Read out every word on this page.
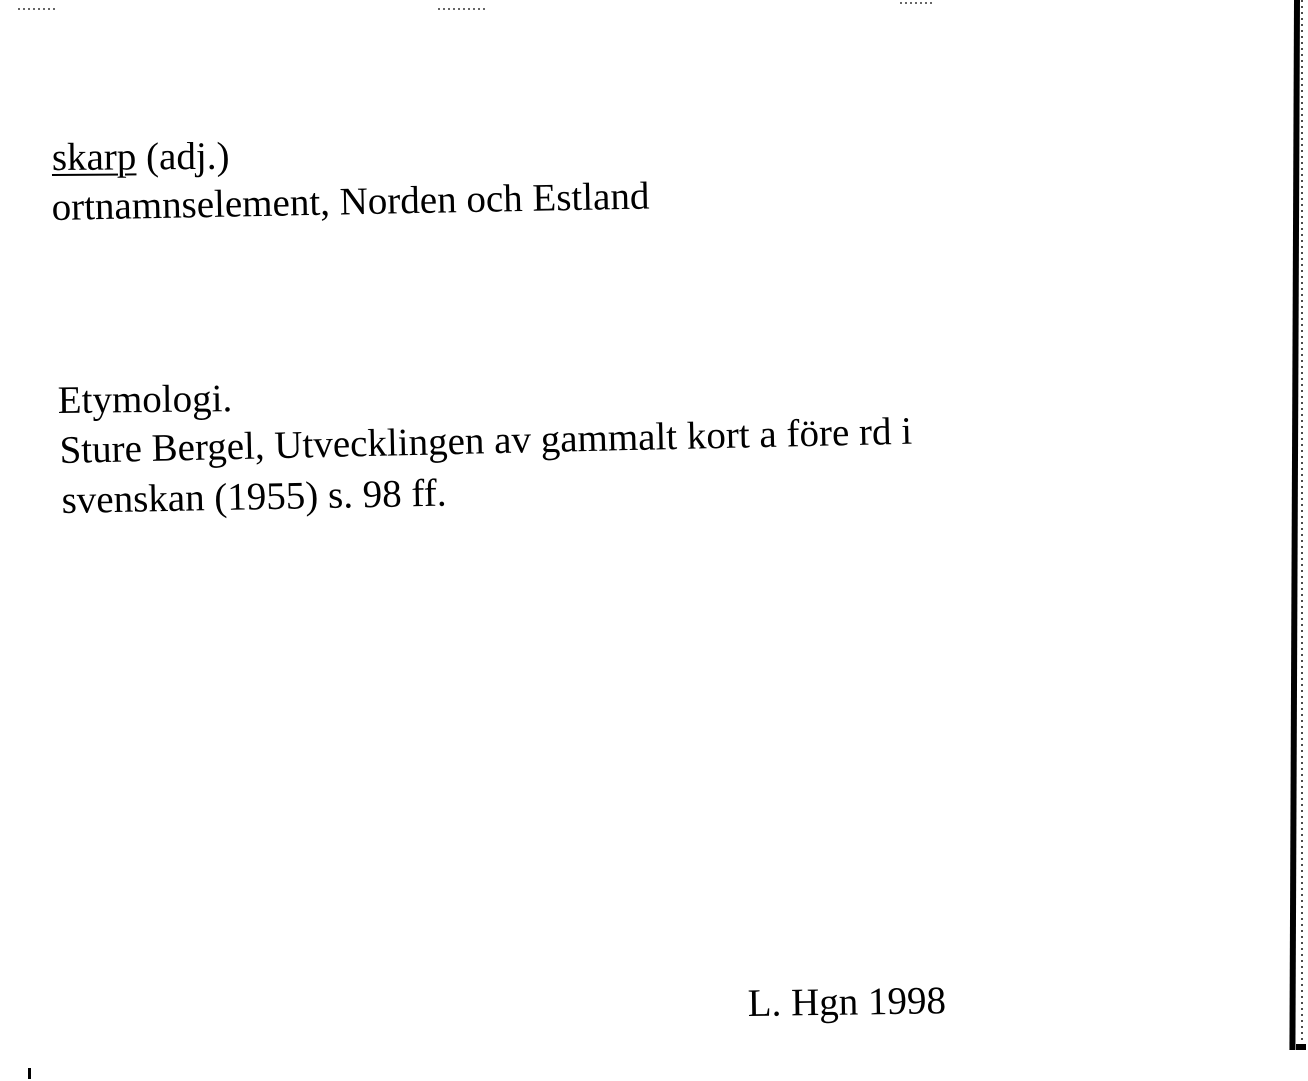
skarp (adj.)
ortnamnselement, Norden och Estland
Etymologi.
Sture Bergel, Utvecklingen av gammalt kort a före rd i
svenskan (1955) s. 98 ff.
L. Hgn 1998
